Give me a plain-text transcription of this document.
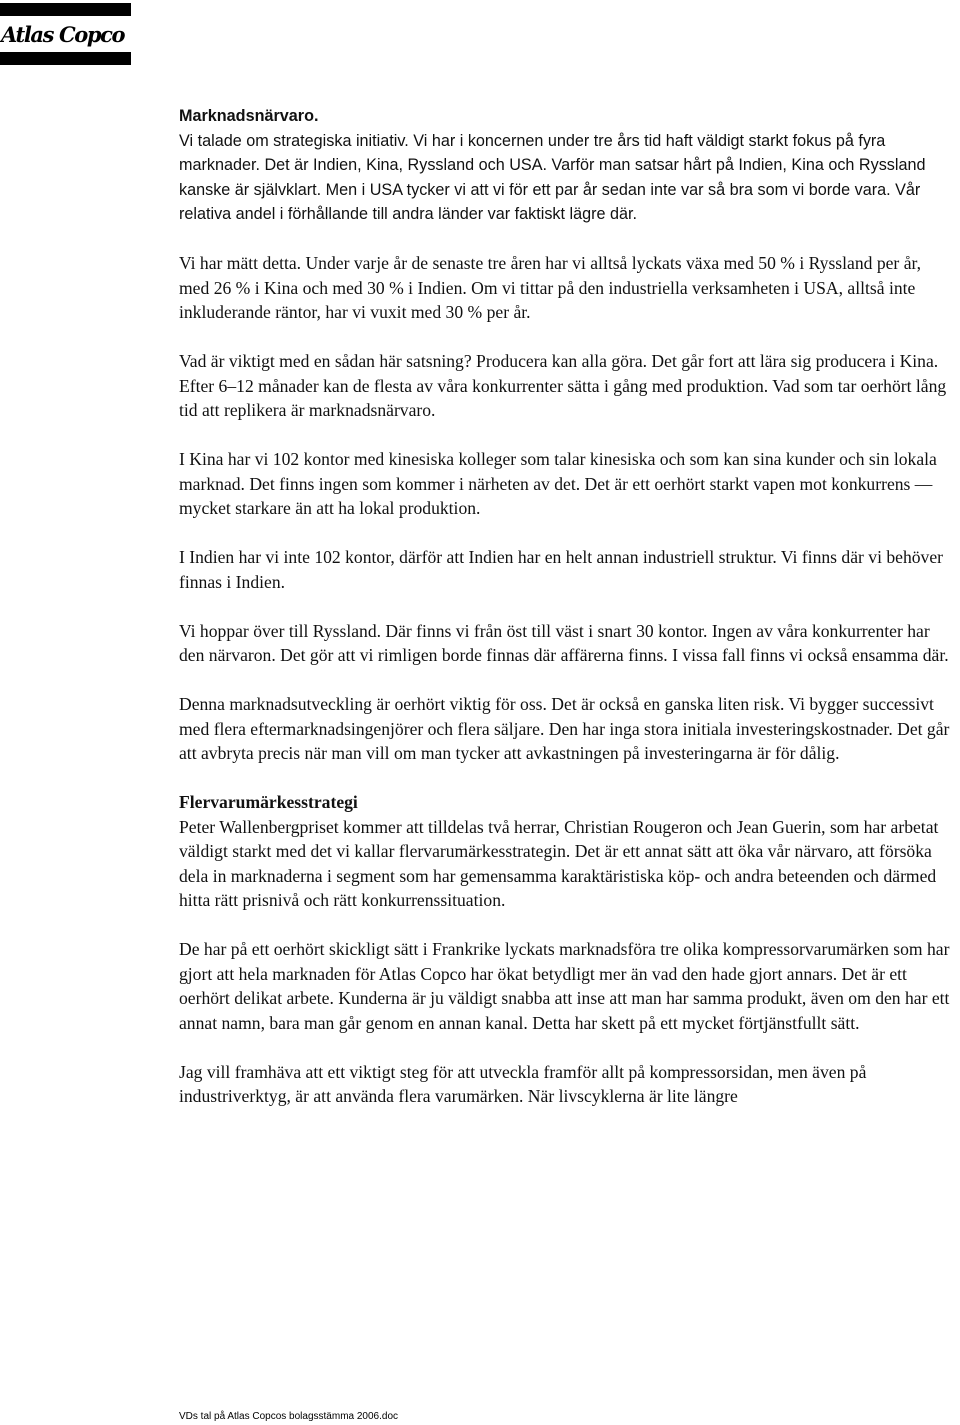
Atlas Copco
Marknadsnärvaro.

Vi talade om strategiska initiativ. Vi har i koncernen under tre års tid haft väldigt starkt fokus på fyra marknader. Det är Indien, Kina, Ryssland och USA. Varför man satsar hårt på Indien, Kina och Ryssland kanske är självklart. Men i USA tycker vi att vi för ett par år sedan inte var så bra som vi borde vara. Vår relativa andel i förhållande till andra länder var faktiskt lägre där.

Vi har mätt detta. Under varje år de senaste tre åren har vi alltså lyckats växa med 50 % i Ryssland per år, med 26 % i Kina och med 30 % i Indien. Om vi tittar på den industriella verksamheten i USA, alltså inte inkluderande räntor, har vi vuxit med 30 % per år.

Vad är viktigt med en sådan här satsning? Producera kan alla göra. Det går fort att lära sig producera i Kina. Efter 6–12 månader kan de flesta av våra konkurrenter sätta i gång med produktion. Vad som tar oerhört lång tid att replikera är marknadsnärvaro.

I Kina har vi 102 kontor med kinesiska kolleger som talar kinesiska och som kan sina kunder och sin lokala marknad. Det finns ingen som kommer i närheten av det. Det är ett oerhört starkt vapen mot konkurrens — mycket starkare än att ha lokal produktion.

I Indien har vi inte 102 kontor, därför att Indien har en helt annan industriell struktur. Vi finns där vi behöver finnas i Indien.

Vi hoppar över till Ryssland. Där finns vi från öst till väst i snart 30 kontor. Ingen av våra konkurrenter har den närvaron. Det gör att vi rimligen borde finnas där affärerna finns. I vissa fall finns vi också ensamma där.

Denna marknadsutveckling är oerhört viktig för oss. Det är också en ganska liten risk. Vi bygger successivt med flera eftermarknadsingenjörer och flera säljare. Den har inga stora initiala investeringskostnader. Det går att avbryta precis när man vill om man tycker att avkastningen på investeringarna är för dålig.

Flervarumärkesstrategi

Peter Wallenbergpriset kommer att tilldelas två herrar, Christian Rougeron och Jean Guerin, som har arbetat väldigt starkt med det vi kallar flervarumärkesstrategin. Det är ett annat sätt att öka vår närvaro, att försöka dela in marknaderna i segment som har gemensamma karaktäristiska köp- och andra beteenden och därmed hitta rätt prisnivå och rätt konkurrenssituation.

De har på ett oerhört skickligt sätt i Frankrike lyckats marknadsföra tre olika kompressorvarumärken som har gjort att hela marknaden för Atlas Copco har ökat betydligt mer än vad den hade gjort annars. Det är ett oerhört delikat arbete. Kunderna är ju väldigt snabba att inse att man har samma produkt, även om den har ett annat namn, bara man går genom en annan kanal. Detta har skett på ett mycket förtjänstfullt sätt.

Jag vill framhäva att ett viktigt steg för att utveckla framför allt på kompressorsidan, men även på industriverktyg, är att använda flera varumärken. När livscyklerna är lite längre

VDs tal på Atlas Copcos bolagsstämma 2006.doc
